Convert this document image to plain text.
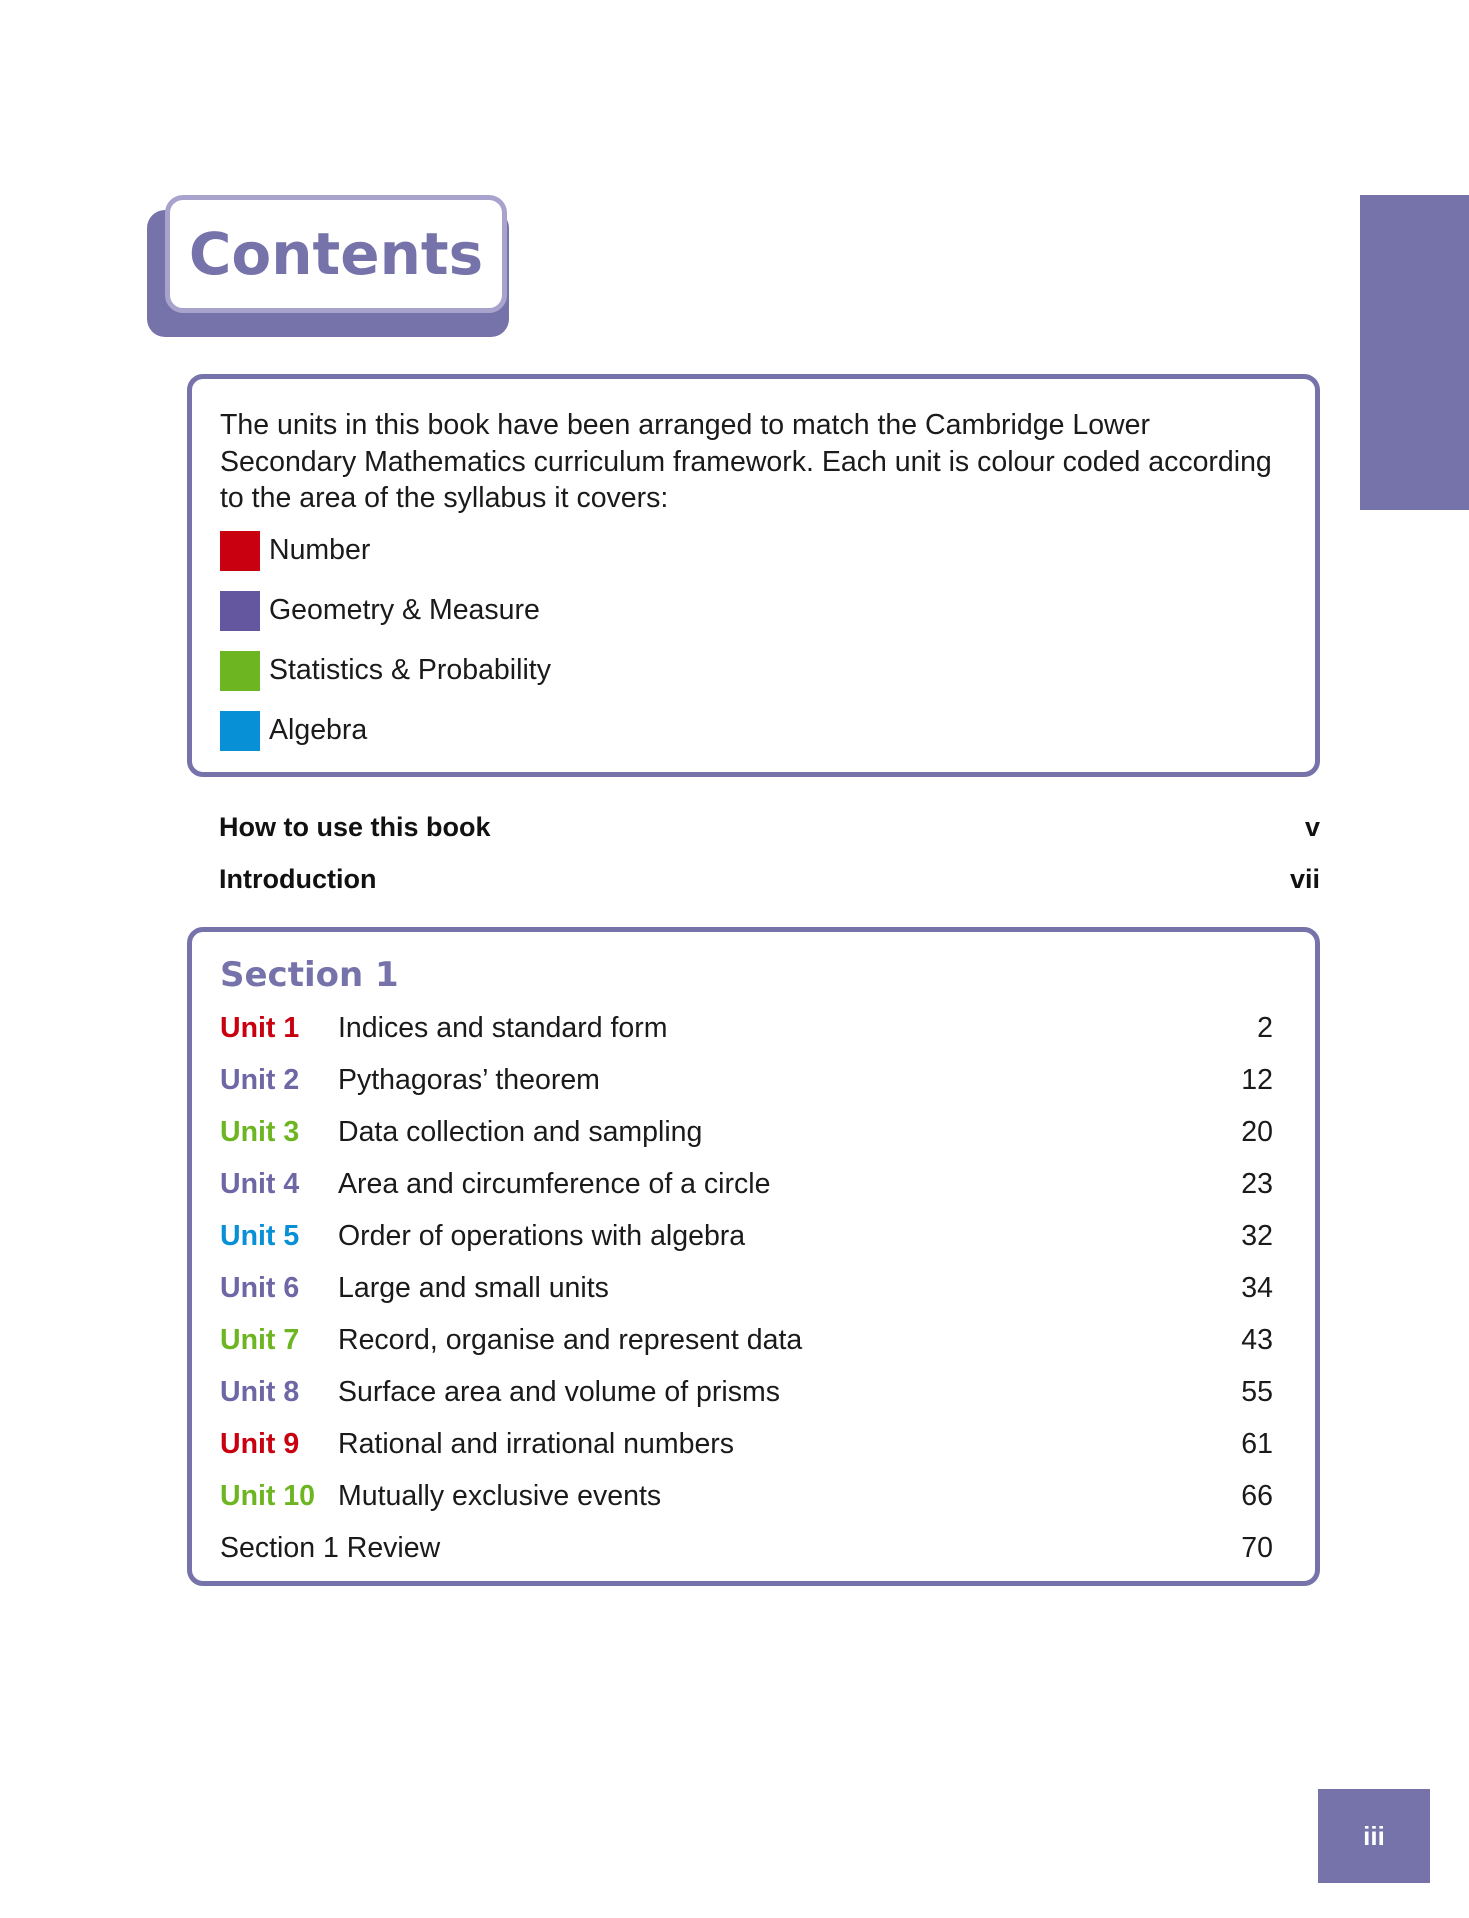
Contents

The units in this book have been arranged to match the Cambridge Lower Secondary Mathematics curriculum framework. Each unit is colour coded according to the area of the syllabus it covers:

Number
Geometry & Measure
Statistics & Probability
Algebra
How to use this book	v
Introduction	vii
Section 1
Unit 1	Indices and standard form	2
Unit 2	Pythagoras’ theorem	12
Unit 3	Data collection and sampling	20
Unit 4	Area and circumference of a circle	23
Unit 5	Order of operations with algebra	32
Unit 6	Large and small units	34
Unit 7	Record, organise and represent data	43
Unit 8	Surface area and volume of prisms	55
Unit 9	Rational and irrational numbers	61
Unit 10 Mutually exclusive events	66
Section 1 Review	70
iii
